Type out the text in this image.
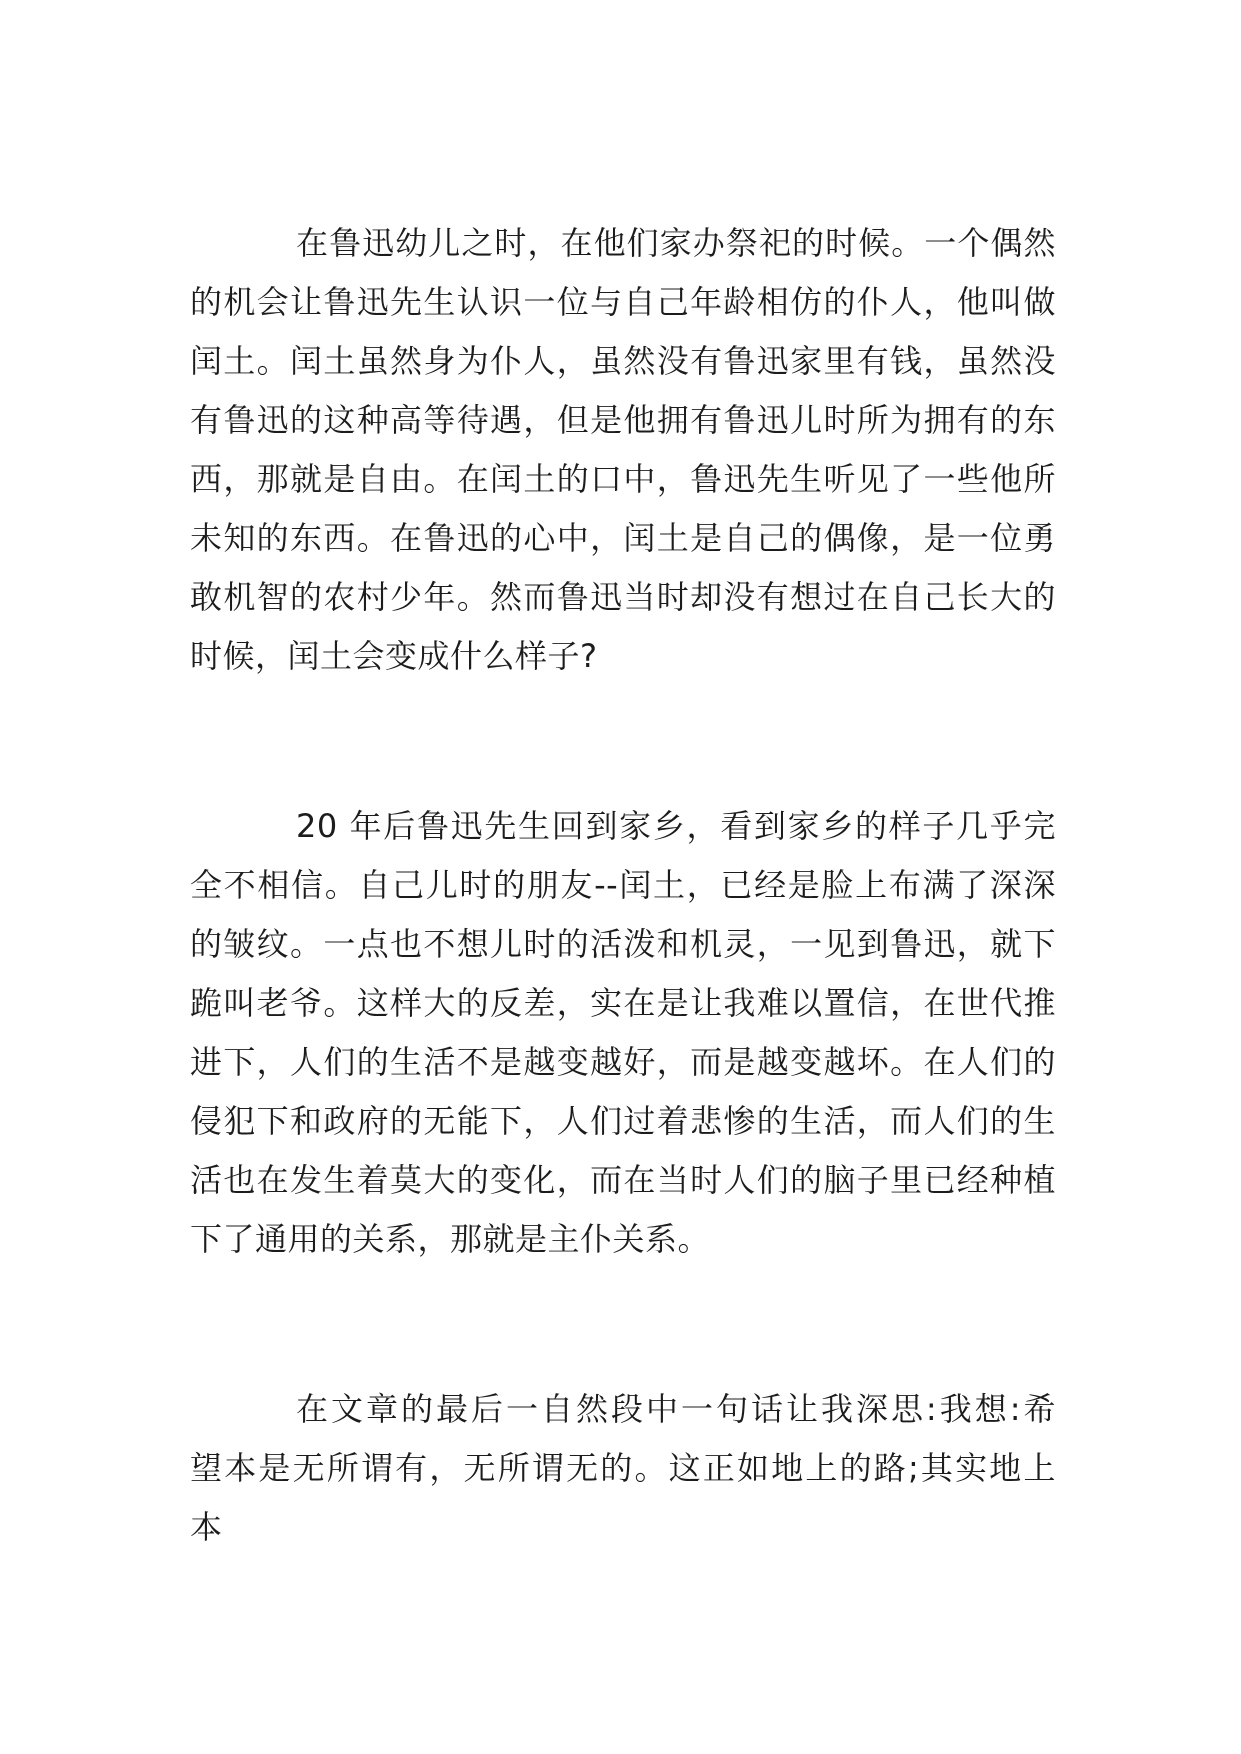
在鲁迅幼儿之时，在他们家办祭祀的时候。一个偶然
的机会让鲁迅先生认识一位与自己年龄相仿的仆人，他叫做
闰土。闰土虽然身为仆人，虽然没有鲁迅家里有钱，虽然没
有鲁迅的这种高等待遇，但是他拥有鲁迅儿时所为拥有的东
西，那就是自由。在闰土的口中，鲁迅先生听见了一些他所
未知的东西。在鲁迅的心中，闰土是自己的偶像，是一位勇
敢机智的农村少年。然而鲁迅当时却没有想过在自己长大的
时候，闰土会变成什么样子?
20 年后鲁迅先生回到家乡，看到家乡的样子几乎完
全不相信。自己儿时的朋友--闰土，已经是脸上布满了深深
的皱纹。一点也不想儿时的活泼和机灵，一见到鲁迅，就下
跪叫老爷。这样大的反差，实在是让我难以置信，在世代推
进下，人们的生活不是越变越好，而是越变越坏。在人们的
侵犯下和政府的无能下，人们过着悲惨的生活，而人们的生
活也在发生着莫大的变化，而在当时人们的脑子里已经种植
下了通用的关系，那就是主仆关系。
在文章的最后一自然段中一句话让我深思:我想:希
望本是无所谓有，无所谓无的。这正如地上的路;其实地上
本
